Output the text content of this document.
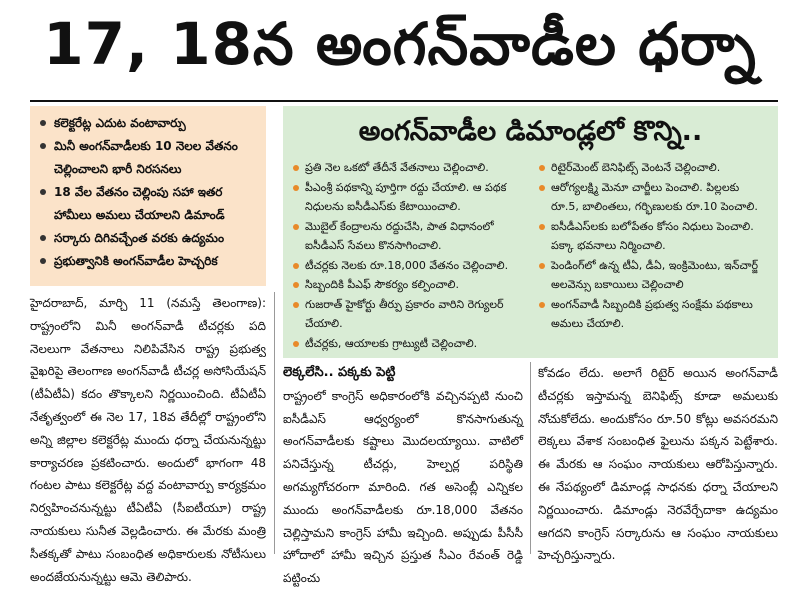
17, 18న అంగన్‌వాడీల ధర్నా
కలెక్టరేట్ల ఎదుట వంటావార్పు
మినీ అంగన్‌వాడీలకు 10 నెలల వేతనం చెల్లించాలని భారీ నిరసనలు
18 వేల వేతనం చెల్లింపు సహా ఇతర హామీలు అమలు చేయాలని డిమాండ్
సర్కారు దిగివచ్చేంత వరకు ఉద్యమం
ప్రభుత్వానికి అంగన్‌వాడీల హెచ్చరిక
అంగన్‌వాడీల డిమాండ్లలో కొన్ని..
ప్రతి నెల ఒకటో తేదీనే వేతనాలు చెల్లించాలి.
పీఎంశ్రీ పథకాన్ని పూర్తిగా రద్దు చేయాలి. ఆ పథక నిధులను ఐసీడీఎస్‌కు కేటాయించాలి.
మొబైల్ కేంద్రాలను రద్దుచేసి, పాత విధానంలో ఐసీడీఎస్ సేవలు కొనసాగించాలి.
టీచర్లకు నెలకు రూ.18,000 వేతనం చెల్లించాలి.
సిబ్బందికి పీఎఫ్ సౌకర్యం కల్పించాలి.
గుజరాత్ హైకోర్టు తీర్పు ప్రకారం వారిని రెగ్యులర్ చేయాలి.
టీచర్లకు, ఆయాలకు గ్రాట్యుటీ చెల్లించాలి.
రిటైర్‌మెంట్ బెనిఫిట్స్ వెంటనే చెల్లించాలి.
ఆరోగ్యలక్ష్మి మెనూ చార్జీలు పెంచాలి. పిల్లలకు రూ.5, బాలింతలు, గర్భిణులకు రూ.10 పెంచాలి.
ఐసీడీఎస్‌లకు బలోపేతం కోసం నిధులు పెంచాలి. పక్కా భవనాలు నిర్మించాలి.
పెండింగ్‌లో ఉన్న టీఏ, డీఏ, ఇంక్రిమెంటు, ఇన్‌చార్జ్ అలవెన్సు బకాయిలు చెల్లించాలి
అంగన్‌వాడీ సిబ్బందికి ప్రభుత్వ సంక్షేమ పథకాలు అమలు చేయాలి.
హైదరాబాద్, మార్చి 11 (నమస్తే తెలంగాణ): రాష్ట్రంలోని మినీ అంగన్‌వాడీ టీచర్లకు పది నెలలుగా వేతనాలు నిలిపివేసిన రాష్ట్ర ప్రభుత్వ వైఖరిపై తెలంగాణ అంగన్‌వాడీ టీచర్ల అసోసియేషన్ (టీఏటీఏ) కదం తొక్కాలని నిర్ణయించింది. టీఏటీఏ నేతృత్వంలో ఈ నెల 17, 18వ తేదీల్లో రాష్ట్రంలోని అన్ని జిల్లాల కలెక్టరేట్ల ముందు ధర్నా చేయనున్నట్టు కార్యాచరణ ప్రకటించారు. అందులో భాగంగా 48 గంటల పాటు కలెక్టరేట్ల వద్ద వంటావార్పు కార్యక్రమం నిర్వహించనున్నట్టు టీఏటీఏ (సీఐటీయూ) రాష్ట్ర నాయకులు సునీత వెల్లడించారు. ఈ మేరకు మంత్రి సీతక్కతో పాటు సంబంధిత అధికారులకు నోటీసులు అందజేయనున్నట్టు ఆమె తెలిపారు.
లెక్కలేసి.. పక్కకు పెట్టి
రాష్ట్రంలో కాంగ్రెస్ అధికారంలోకి వచ్చినప్పటి నుంచి ఐసీడీఎస్ ఆధ్వర్యంలో కొనసాగుతున్న అంగన్‌వాడీలకు కష్టాలు మొదలయ్యాయి. వాటిలో పనిచేస్తున్న టీచర్లు, హెల్పర్ల పరిస్థితి అగమ్యగోచరంగా మారింది. గత అసెంబ్లీ ఎన్నికల ముందు అంగన్‌వాడీలకు రూ.18,000 వేతనం చెల్లిస్తామని కాంగ్రెస్ హామీ ఇచ్చింది. అప్పుడు పీసీసీ హోదాలో హామీ ఇచ్చిన ప్రస్తుత సీఎం రేవంత్ రెడ్డి పట్టించు
కోవడం లేదు. అలాగే రిటైర్ అయిన అంగన్‌వాడీ టీచర్లకు ఇస్తామన్న బెనిఫిట్స్ కూడా అమలుకు నోచుకోలేదు. అందుకోసం రూ.50 కోట్లు అవసరమని లెక్కలు వేశాక సంబంధిత ఫైలును పక్కన పెట్టేశారు. ఈ మేరకు ఆ సంఘం నాయకులు ఆరోపిస్తున్నారు. ఈ నేపథ్యంలో డిమాండ్ల సాధనకు ధర్నా చేయాలని నిర్ణయించారు. డిమాండ్లు నెరవేర్చేదాకా ఉద్యమం ఆగదని కాంగ్రెస్ సర్కారును ఆ సంఘం నాయకులు హెచ్చరిస్తున్నారు.
